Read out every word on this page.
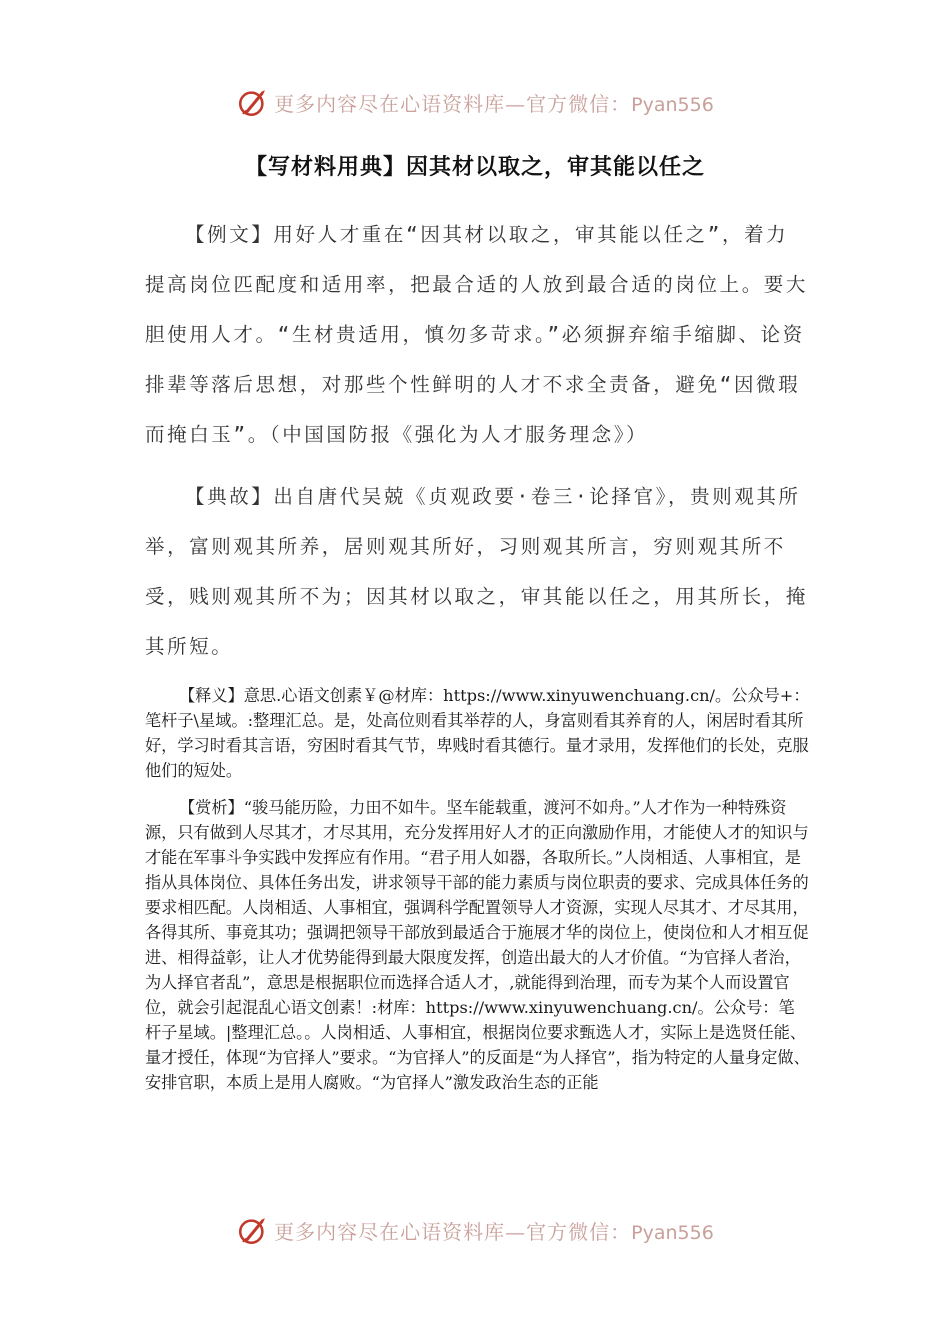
更多内容尽在心语资料库—官方微信：Pyan556
【写材料用典】因其材以取之，审其能以任之

【例文】用好人才重在“因其材以取之，审其能以任之”，着力提高岗位匹配度和适用率，把最合适的人放到最合适的岗位上。要大胆使用人才。“生材贵适用，慎勿多苛求。”必须摒弃缩手缩脚、论资排辈等落后思想，对那些个性鲜明的人才不求全责备，避免“因微瑕而掩白玉”。（中国国防报《强化为人才服务理念》）

【典故】出自唐代吴兢《贞观政要·卷三·论择官》，贵则观其所举，富则观其所养，居则观其所好，习则观其所言，穷则观其所不受，贱则观其所不为；因其材以取之，审其能以任之，用其所长，掩其所短。

【释义】意思.心语文创素￥@材库：https://www.xinyuwenchuang.cn/。公众号+：笔杆子\星域。:整理汇总。是，处高位则看其举荐的人，身富则看其养育的人，闲居时看其所好，学习时看其言语，穷困时看其气节，卑贱时看其德行。量才录用，发挥他们的长处，克服他们的短处。

【赏析】“骏马能历险，力田不如牛。坚车能载重，渡河不如舟。”人才作为一种特殊资源，只有做到人尽其才，才尽其用，充分发挥用好人才的正向激励作用，才能使人才的知识与才能在军事斗争实践中发挥应有作用。“君子用人如器，各取所长。”人岗相适、人事相宜，是指从具体岗位、具体任务出发，讲求领导干部的能力素质与岗位职责的要求、完成具体任务的要求相匹配。人岗相适、人事相宜，强调科学配置领导人才资源，实现人尽其才、才尽其用，各得其所、事竟其功；强调把领导干部放到最适合于施展才华的岗位上，使岗位和人才相互促进、相得益彰，让人才优势能得到最大限度发挥，创造出最大的人才价值。“为官择人者治，为人择官者乱”，意思是根据职位而选择合适人才，,就能得到治理，而专为某个人而设置官位，就会引起混乱心语文创素！:材库：https://www.xinyuwenchuang.cn/。公众号：笔杆子星域。|整理汇总。。人岗相适、人事相宜，根据岗位要求甄选人才，实际上是选贤任能、量才授任，体现“为官择人”要求。“为官择人”的反面是“为人择官”，指为特定的人量身定做、安排官职，本质上是用人腐败。“为官择人”激发政治生态的正能

更多内容尽在心语资料库—官方微信：Pyan556
